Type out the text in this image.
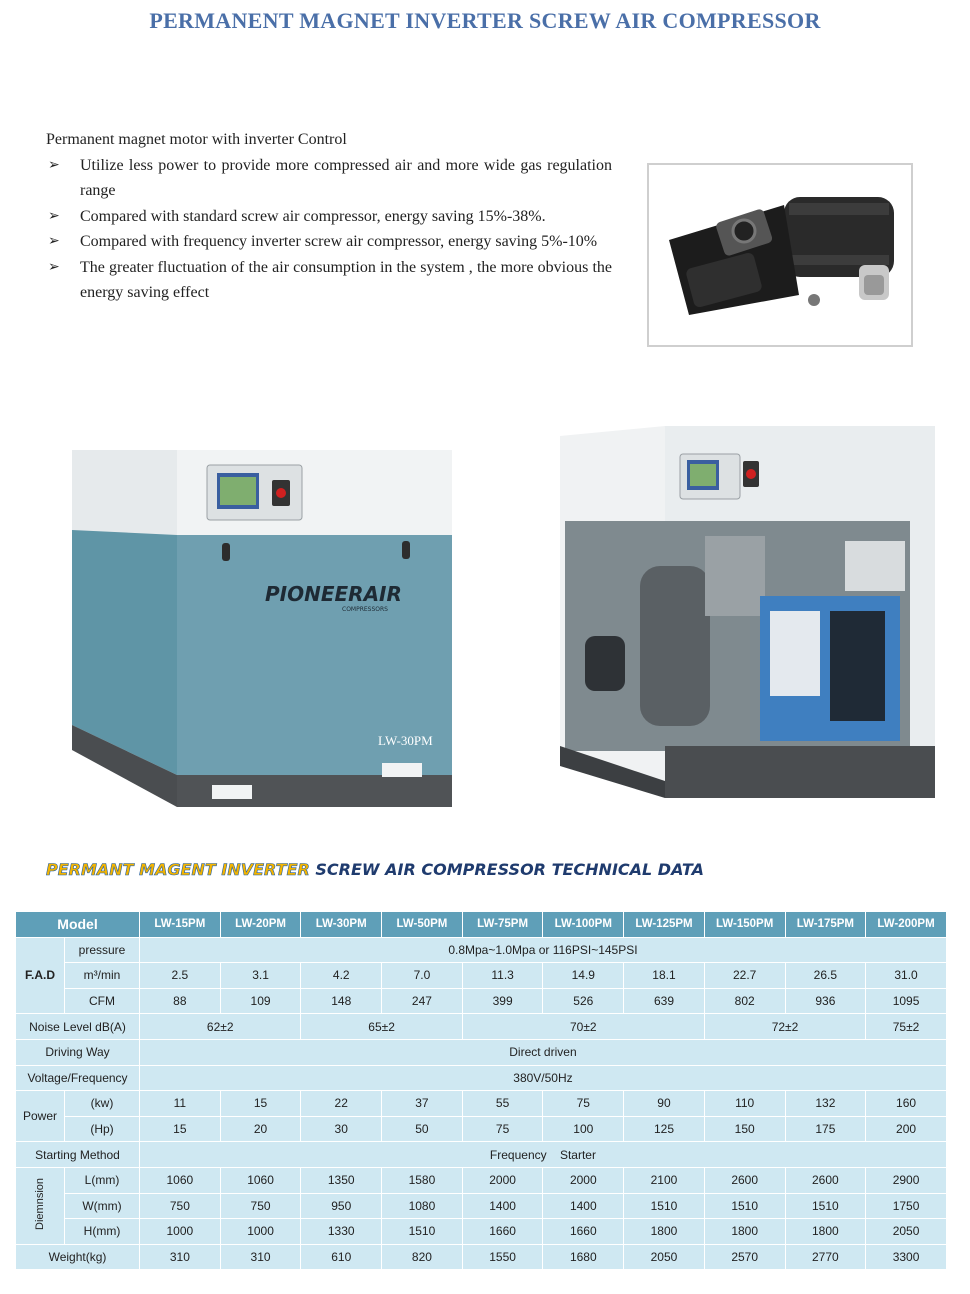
PERMANENT MAGNET INVERTER SCREW AIR COMPRESSOR

Permanent magnet motor with inverter Control

➢ Utilize less power to provide more compressed air and more wide gas regulation range
➢ Compared with standard screw air compressor, energy saving 15%-38%.
➢ Compared with frequency inverter screw air compressor, energy saving 5%-10%
➢ The greater fluctuation of the air consumption in the system , the more obvious the energy saving effect
PIONEERAIR
COMPRESSORS
LW-30PM
PERMANT MAGENT INVERTER SCREW AIR COMPRESSOR TECHNICAL DATA
Model		LW-15PM	LW-20PM	LW-30PM	LW-50PM	LW-75PM	LW-100PM	LW-125PM	LW-150PM	LW-175PM	LW-200PM
F.A.D	pressure	0.8Mpa~1.0Mpa or 116PSI~145PSI									
	m³/min	2.5	3.1	4.2	7.0	11.3	14.9	18.1	22.7	26.5	31.0
	CFM	88	109	148	247	399	526	639	802	936	1095
Noise Level dB(A)		62±2		65±2		70±2			72±2		75±2
Driving Way		Direct driven									
Voltage/Frequency		380V/50Hz									
Power	(kw)	11	15	22	37	55	75	90	110	132	160
	(Hp)	15	20	30	50	75	100	125	150	175	200
Starting Method		Frequency    Starter									
Diemnsion	L(mm)	1060	1060	1350	1580	2000	2000	2100	2600	2600	2900
	W(mm)	750	750	950	1080	1400	1400	1510	1510	1510	1750
	H(mm)	1000	1000	1330	1510	1660	1660	1800	1800	1800	2050
Weight(kg)		310	310	610	820	1550	1680	2050	2570	2770	3300
